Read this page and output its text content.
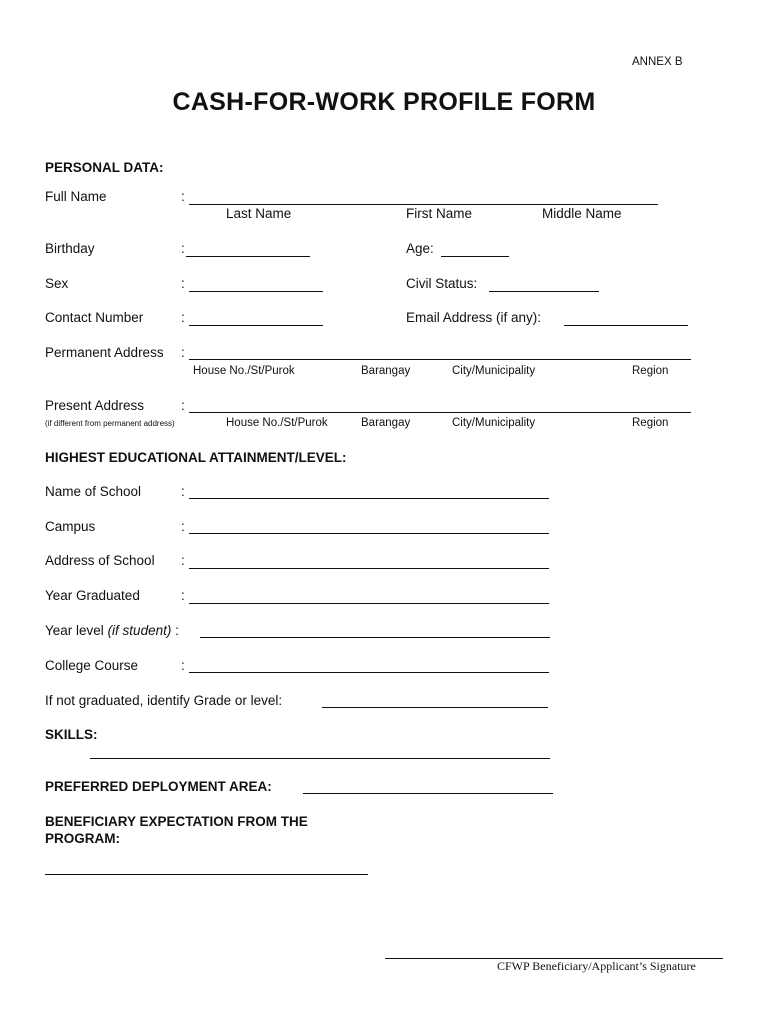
ANNEX B
CASH-FOR-WORK PROFILE FORM
PERSONAL DATA:
Full Name	:
Last Name	First Name	Middle Name
Birthday	:	Age:
Sex	:	Civil Status:
Contact Number	:	Email Address (if any):
Permanent Address :
House No./St/Purok	Barangay	City/Municipality	Region
Present Address	:
(if different from permanent address)	House No./St/Purok	Barangay	City/Municipality	Region
HIGHEST EDUCATIONAL ATTAINMENT/LEVEL:
Name of School	:
Campus	:
Address of School :
Year Graduated	:
Year level (if student) :
College Course	:
If not graduated, identify Grade or level:
SKILLS:
PREFERRED DEPLOYMENT AREA:
BENEFICIARY EXPECTATION FROM THE
PROGRAM:
CFWP Beneficiary/Applicant’s Signature
